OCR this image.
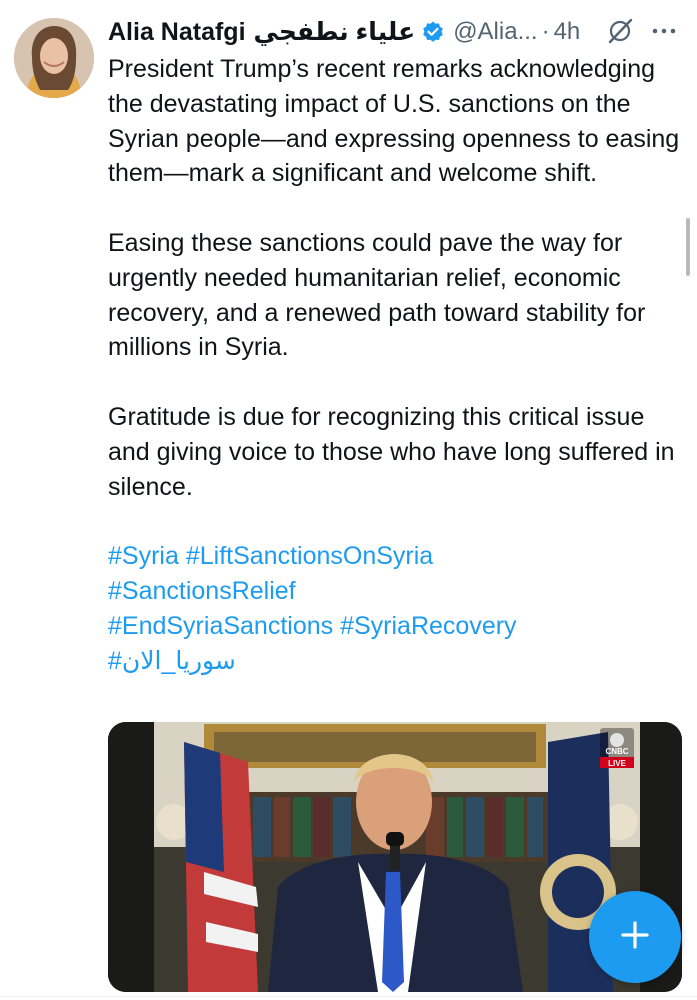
Alia Natafgi علياء نطفجي @Alia... · 4h

President Trump’s recent remarks acknowledging the devastating impact of U.S. sanctions on the Syrian people—and expressing openness to easing them—mark a significant and welcome shift.

Easing these sanctions could pave the way for urgently needed humanitarian relief, economic recovery, and a renewed path toward stability for millions in Syria.

Gratitude is due for recognizing this critical issue and giving voice to those who have long suffered in silence.

#Syria #LiftSanctionsOnSyria
#SanctionsRelief
#EndSyriaSanctions #SyriaRecovery
#سوريا_الان

CNBC
LIVE
